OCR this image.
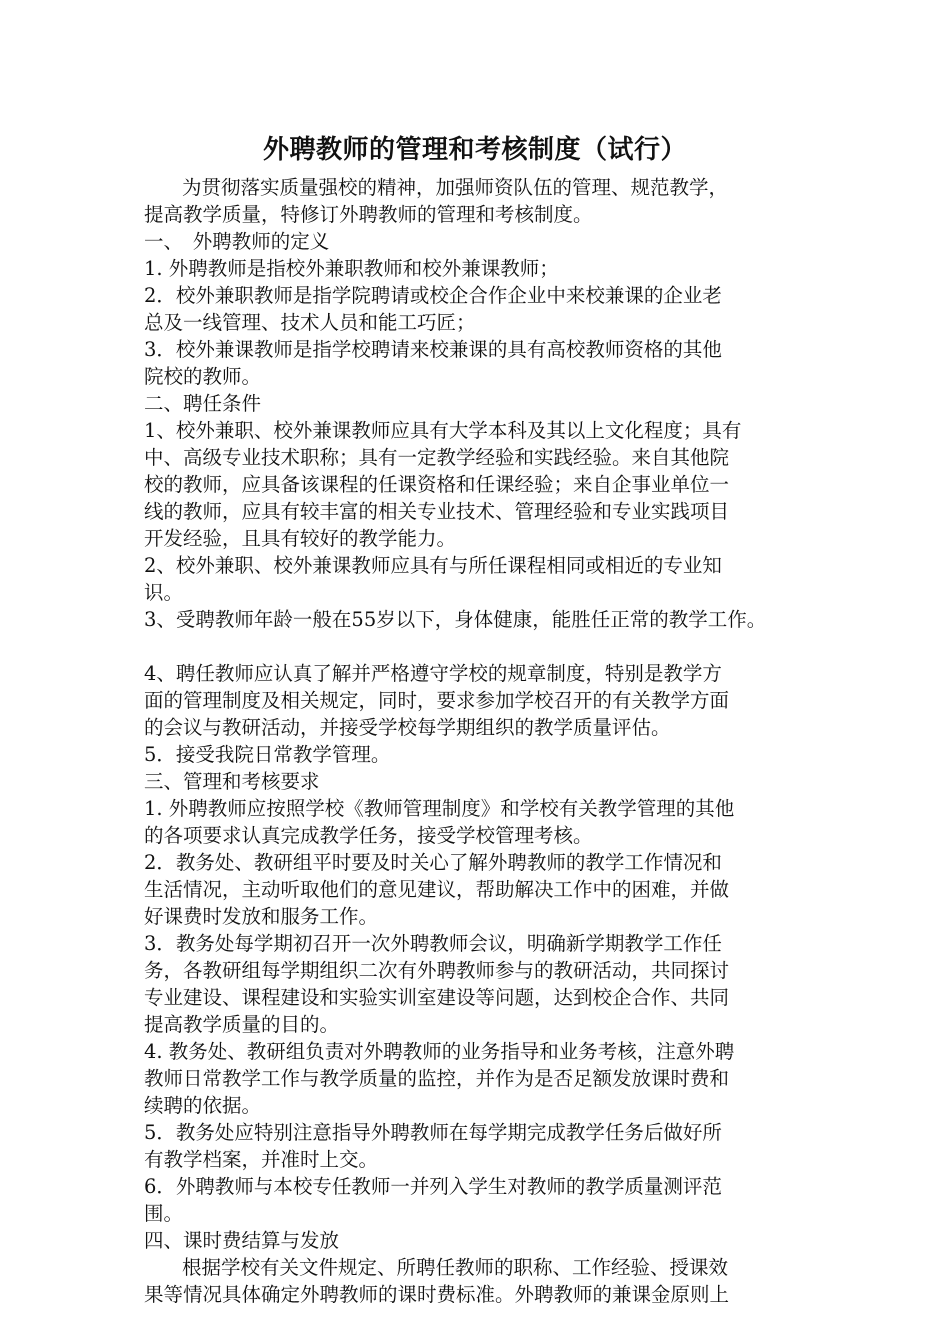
外聘教师的管理和考核制度（试行）
为贯彻落实质量强校的精神，加强师资队伍的管理、规范教学，
提高教学质量，特修订外聘教师的管理和考核制度。
一、　外聘教师的定义
1. 外聘教师是指校外兼职教师和校外兼课教师；
2．校外兼职教师是指学院聘请或校企合作企业中来校兼课的企业老
总及一线管理、技术人员和能工巧匠；
3．校外兼课教师是指学校聘请来校兼课的具有高校教师资格的其他
院校的教师。
二、聘任条件
1、校外兼职、校外兼课教师应具有大学本科及其以上文化程度；具有
中、高级专业技术职称；具有一定教学经验和实践经验。来自其他院
校的教师，应具备该课程的任课资格和任课经验；来自企事业单位一
线的教师，应具有较丰富的相关专业技术、管理经验和专业实践项目
开发经验，且具有较好的教学能力。
2、校外兼职、校外兼课教师应具有与所任课程相同或相近的专业知
识。
3、受聘教师年龄一般在55岁以下，身体健康，能胜任正常的教学工作。
4、聘任教师应认真了解并严格遵守学校的规章制度，特别是教学方
面的管理制度及相关规定，同时，要求参加学校召开的有关教学方面
的会议与教研活动，并接受学校每学期组织的教学质量评估。
5．接受我院日常教学管理。
三、管理和考核要求
1. 外聘教师应按照学校《教师管理制度》和学校有关教学管理的其他
的各项要求认真完成教学任务，接受学校管理考核。
2．教务处、教研组平时要及时关心了解外聘教师的教学工作情况和
生活情况，主动听取他们的意见建议，帮助解决工作中的困难，并做
好课费时发放和服务工作。
3．教务处每学期初召开一次外聘教师会议，明确新学期教学工作任
务，各教研组每学期组织二次有外聘教师参与的教研活动，共同探讨
专业建设、课程建设和实验实训室建设等问题，达到校企合作、共同
提高教学质量的目的。
4. 教务处、教研组负责对外聘教师的业务指导和业务考核，注意外聘
教师日常教学工作与教学质量的监控，并作为是否足额发放课时费和
续聘的依据。
5．教务处应特别注意指导外聘教师在每学期完成教学任务后做好所
有教学档案，并准时上交。
6．外聘教师与本校专任教师一并列入学生对教师的教学质量测评范
围。
四、课时费结算与发放
根据学校有关文件规定、所聘任教师的职称、工作经验、授课效
果等情况具体确定外聘教师的课时费标准。外聘教师的兼课金原则上
